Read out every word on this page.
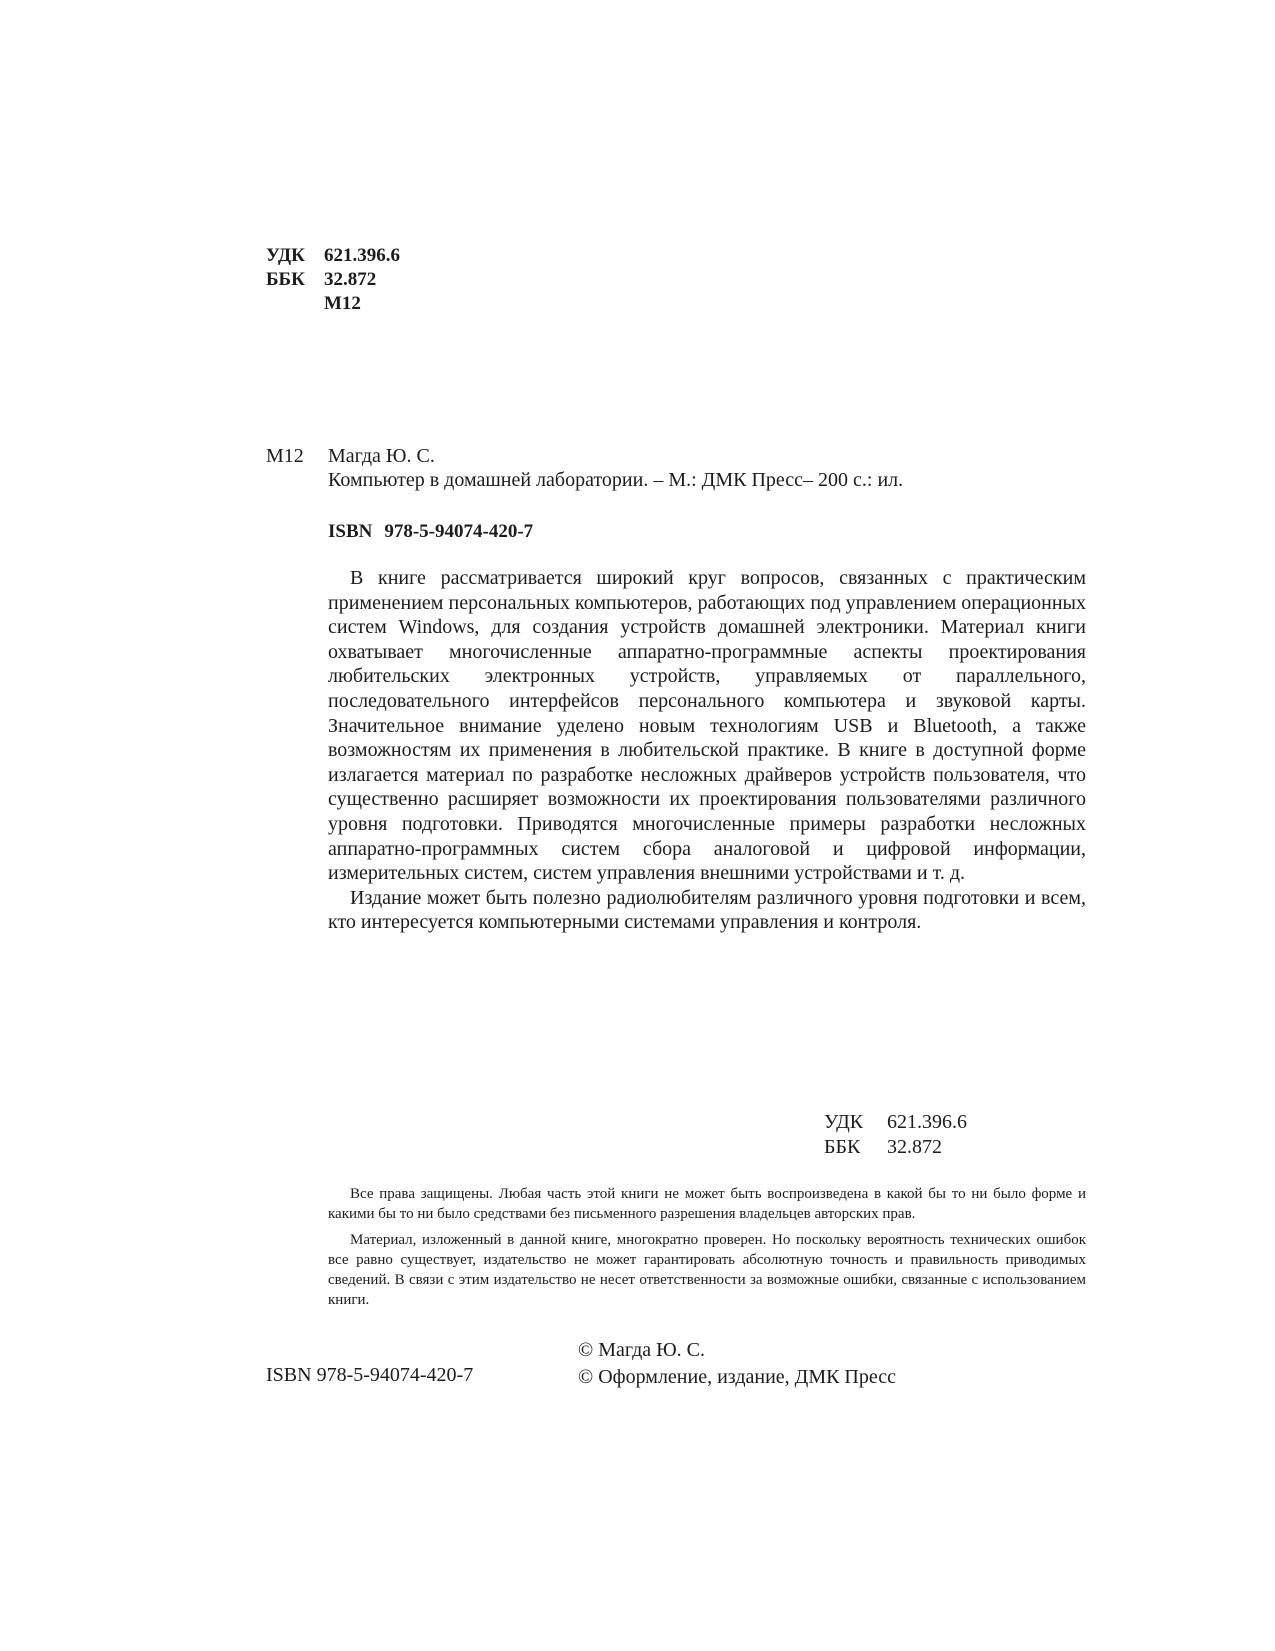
УДК	621.396.6
ББК	32.872
М12
М12 Магда Ю. С.
Компьютер в домашней лаборатории. – М.: ДМК Пресс– 200 с.: ил.
ISBN 978-5-94074-420-7

В книге рассматривается широкий круг вопросов, связанных с практическим применением персональных компьютеров, работающих под управлением операционных систем Windows, для создания устройств домашней электроники. Материал книги охватывает многочисленные аппаратно-программные аспекты проектирования любительских электронных устройств, управляемых от параллельного, последовательного интерфейсов персонального компьютера и звуковой карты. Значительное внимание уделено новым технологиям USB и Bluetooth, а также возможностям их применения в любительской практике. В книге в доступной форме излагается материал по разработке несложных драйверов устройств пользователя, что существенно расширяет возможности их проектирования пользователями различного уровня подготовки. Приводятся многочисленные примеры разработки несложных аппаратно-программных систем сбора аналоговой и цифровой информации, измерительных систем, систем управления внешними устройствами и т. д.

Издание может быть полезно радиолюбителям различного уровня подготовки и всем, кто интересуется компьютерными системами управления и контроля.

УДК 621.396.6
ББК 32.872

Все права защищены. Любая часть этой книги не может быть воспроизведена в какой бы то ни было форме и какими бы то ни было средствами без письменного разрешения владельцев авторских прав.

Материал, изложенный в данной книге, многократно проверен. Но поскольку вероятность технических ошибок все равно существует, издательство не может гарантировать абсолютную точность и правильность приводимых сведений. В связи с этим издательство не несет ответственности за возможные ошибки, связанные с использованием книги.

ISBN 978-5-94074-420-7
© Магда Ю. С.
© Оформление, издание, ДМК Пресс
